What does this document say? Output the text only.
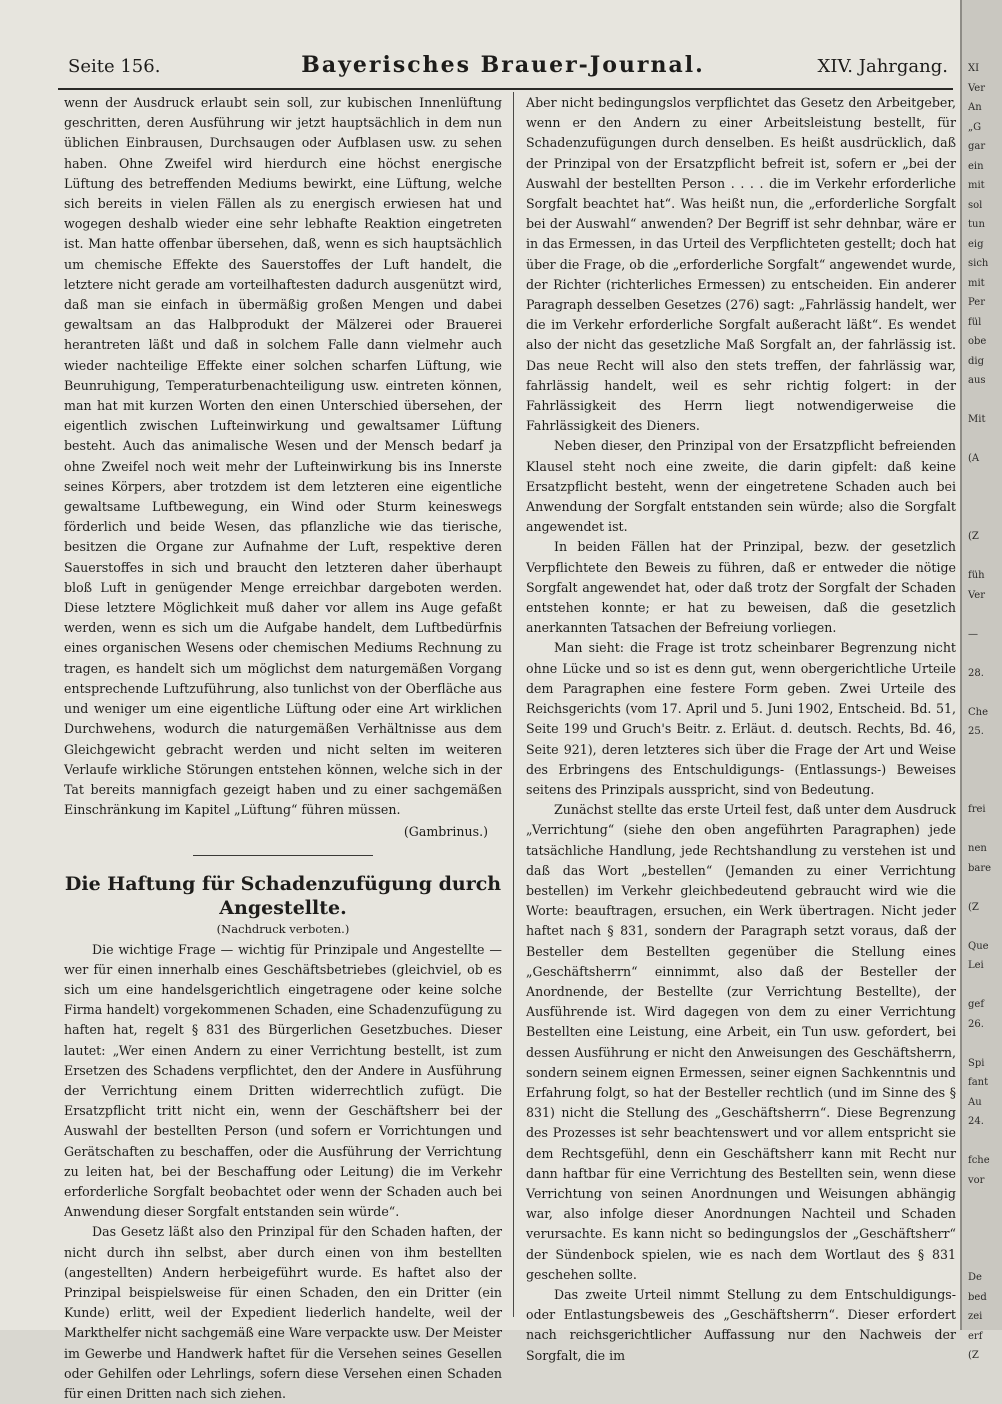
Seite 156.	Bayerisches Brauer-Journal.	XIV. Jahrgang.

wenn der Ausdruck erlaubt sein soll, zur kubischen Innenlüftung geschritten, deren Ausführung wir jetzt hauptsächlich in dem nun üblichen Einbrausen, Durchsaugen oder Aufblasen usw. zu sehen haben. Ohne Zweifel wird hierdurch eine höchst energische Lüftung des betreffenden Mediums bewirkt, eine Lüftung, welche sich bereits in vielen Fällen als zu energisch erwiesen hat und wogegen deshalb wieder eine sehr lebhafte Reaktion eingetreten ist. Man hatte offenbar übersehen, daß, wenn es sich hauptsächlich um chemische Effekte des Sauerstoffes der Luft handelt, die letztere nicht gerade am vorteilhaftesten dadurch ausgenützt wird, daß man sie einfach in übermäßig großen Mengen und dabei gewaltsam an das Halbprodukt der Mälzerei oder Brauerei herantreten läßt und daß in solchem Falle dann vielmehr auch wieder nachteilige Effekte einer solchen scharfen Lüftung, wie Beunruhigung, Temperaturbenachteiligung usw. eintreten können, man hat mit kurzen Worten den einen Unterschied übersehen, der eigentlich zwischen Lufteinwirkung und gewaltsamer Lüftung besteht. Auch das animalische Wesen und der Mensch bedarf ja ohne Zweifel noch weit mehr der Lufteinwirkung bis ins Innerste seines Körpers, aber trotzdem ist dem letzteren eine eigentliche gewaltsame Luftbewegung, ein Wind oder Sturm keineswegs förderlich und beide Wesen, das pflanzliche wie das tierische, besitzen die Organe zur Aufnahme der Luft, respektive deren Sauerstoffes in sich und braucht den letzteren daher überhaupt bloß Luft in genügender Menge erreichbar dargeboten werden. Diese letztere Möglichkeit muß daher vor allem ins Auge gefaßt werden, wenn es sich um die Aufgabe handelt, dem Luftbedürfnis eines organischen Wesens oder chemischen Mediums Rechnung zu tragen, es handelt sich um möglichst dem naturgemäßen Vorgang entsprechende Luftzuführung, also tunlichst von der Oberfläche aus und weniger um eine eigentliche Lüftung oder eine Art wirklichen Durchwehens, wodurch die naturgemäßen Verhältnisse aus dem Gleichgewicht gebracht werden und nicht selten im weiteren Verlaufe wirkliche Störungen entstehen können, welche sich in der Tat bereits mannigfach gezeigt haben und zu einer sachgemäßen Einschränkung im Kapitel „Lüftung“ führen müssen.

(Gambrinus.)
Die Haftung für Schadenzufügung durch Angestellte.
(Nachdruck verboten.)

Die wichtige Frage — wichtig für Prinzipale und Angestellte — wer für einen innerhalb eines Geschäftsbetriebes (gleichviel, ob es sich um eine handelsgerichtlich eingetragene oder keine solche Firma handelt) vorgekommenen Schaden, eine Schadenzufügung zu haften hat, regelt § 831 des Bürgerlichen Gesetzbuches. Dieser lautet: „Wer einen Andern zu einer Verrichtung bestellt, ist zum Ersetzen des Schadens verpflichtet, den der Andere in Ausführung der Verrichtung einem Dritten widerrechtlich zufügt. Die Ersatzpflicht tritt nicht ein, wenn der Geschäftsherr bei der Auswahl der bestellten Person (und sofern er Vorrichtungen und Gerätschaften zu beschaffen, oder die Ausführung der Verrichtung zu leiten hat, bei der Beschaffung oder Leitung) die im Verkehr erforderliche Sorgfalt beobachtet oder wenn der Schaden auch bei Anwendung dieser Sorgfalt entstanden sein würde“.

Das Gesetz läßt also den Prinzipal für den Schaden haften, der nicht durch ihn selbst, aber durch einen von ihm bestellten (angestellten) Andern herbeigeführt wurde. Es haftet also der Prinzipal beispielsweise für einen Schaden, den ein Dritter (ein Kunde) erlitt, weil der Expedient liederlich handelte, weil der Markthelfer nicht sachgemäß eine Ware verpackte usw. Der Meister im Gewerbe und Handwerk haftet für die Versehen seines Gesellen oder Gehilfen oder Lehrlings, sofern diese Versehen einen Schaden für einen Dritten nach sich ziehen.

Aber nicht bedingungslos verpflichtet das Gesetz den Arbeitgeber, wenn er den Andern zu einer Arbeitsleistung bestellt, für Schadenzufügungen durch denselben. Es heißt ausdrücklich, daß der Prinzipal von der Ersatzpflicht befreit ist, sofern er „bei der Auswahl der bestellten Person . . . . die im Verkehr erforderliche Sorgfalt beachtet hat“. Was heißt nun, die „erforderliche Sorgfalt bei der Auswahl“ anwenden? Der Begriff ist sehr dehnbar, wäre er in das Ermessen, in das Urteil des Verpflichteten gestellt; doch hat über die Frage, ob die „erforderliche Sorgfalt“ angewendet wurde, der Richter (richterliches Ermessen) zu entscheiden. Ein anderer Paragraph desselben Gesetzes (276) sagt: „Fahrlässig handelt, wer die im Verkehr erforderliche Sorgfalt außeracht läßt“. Es wendet also der nicht das gesetzliche Maß Sorgfalt an, der fahrlässig ist. Das neue Recht will also den stets treffen, der fahrlässig war, fahrlässig handelt, weil es sehr richtig folgert: in der Fahrlässigkeit des Herrn liegt notwendigerweise die Fahrlässigkeit des Dieners.

Neben dieser, den Prinzipal von der Ersatzpflicht befreienden Klausel steht noch eine zweite, die darin gipfelt: daß keine Ersatzpflicht besteht, wenn der eingetretene Schaden auch bei Anwendung der Sorgfalt entstanden sein würde; also die Sorgfalt angewendet ist.

In beiden Fällen hat der Prinzipal, bezw. der gesetzlich Verpflichtete den Beweis zu führen, daß er entweder die nötige Sorgfalt angewendet hat, oder daß trotz der Sorgfalt der Schaden entstehen konnte; er hat zu beweisen, daß die gesetzlich anerkannten Tatsachen der Befreiung vorliegen.

Man sieht: die Frage ist trotz scheinbarer Begrenzung nicht ohne Lücke und so ist es denn gut, wenn obergerichtliche Urteile dem Paragraphen eine festere Form geben. Zwei Urteile des Reichsgerichts (vom 17. April und 5. Juni 1902, Entscheid. Bd. 51, Seite 199 und Gruch's Beitr. z. Erläut. d. deutsch. Rechts, Bd. 46, Seite 921), deren letzteres sich über die Frage der Art und Weise des Erbringens des Entschuldigungs- (Entlassungs-) Beweises seitens des Prinzipals ausspricht, sind von Bedeutung.

Zunächst stellte das erste Urteil fest, daß unter dem Ausdruck „Verrichtung“ (siehe den oben angeführten Paragraphen) jede tatsächliche Handlung, jede Rechtshandlung zu verstehen ist und daß das Wort „bestellen“ (Jemanden zu einer Verrichtung bestellen) im Verkehr gleichbedeutend gebraucht wird wie die Worte: beauftragen, ersuchen, ein Werk übertragen. Nicht jeder haftet nach § 831, sondern der Paragraph setzt voraus, daß der Besteller dem Bestellten gegenüber die Stellung eines „Geschäftsherrn“ einnimmt, also daß der Besteller der Anordnende, der Bestellte (zur Verrichtung Bestellte), der Ausführende ist. Wird dagegen von dem zu einer Verrichtung Bestellten eine Leistung, eine Arbeit, ein Tun usw. gefordert, bei dessen Ausführung er nicht den Anweisungen des Geschäftsherrn, sondern seinem eignen Ermessen, seiner eignen Sachkenntnis und Erfahrung folgt, so hat der Besteller rechtlich (und im Sinne des § 831) nicht die Stellung des „Geschäftsherrn“. Diese Begrenzung des Prozesses ist sehr beachtenswert und vor allem entspricht sie dem Rechtsgefühl, denn ein Geschäftsherr kann mit Recht nur dann haftbar für eine Verrichtung des Bestellten sein, wenn diese Verrichtung von seinen Anordnungen und Weisungen abhängig war, also infolge dieser Anordnungen Nachteil und Schaden verursachte. Es kann nicht so bedingungslos der „Geschäftsherr“ der Sündenbock spielen, wie es nach dem Wortlaut des § 831 geschehen sollte.

Das zweite Urteil nimmt Stellung zu dem Entschuldigungs- oder Entlastungsbeweis des „Geschäftsherrn“. Dieser erfordert nach reichsgerichtlicher Auffassung nur den Nachweis der Sorgfalt, die im

XI
Ver
An
„G
gar
ein
mit
sol
tun
eig
sich
mit
Per
fül
obe
dig
aus
Mit
(A
(Z
füh
Ver
—
28.
Che
25.
frei
nen
bare
(Z
Que
Lei
gef
26.
Spi
fant
Au
24.
fche
vor
De
bed
zei
erf
(Z
